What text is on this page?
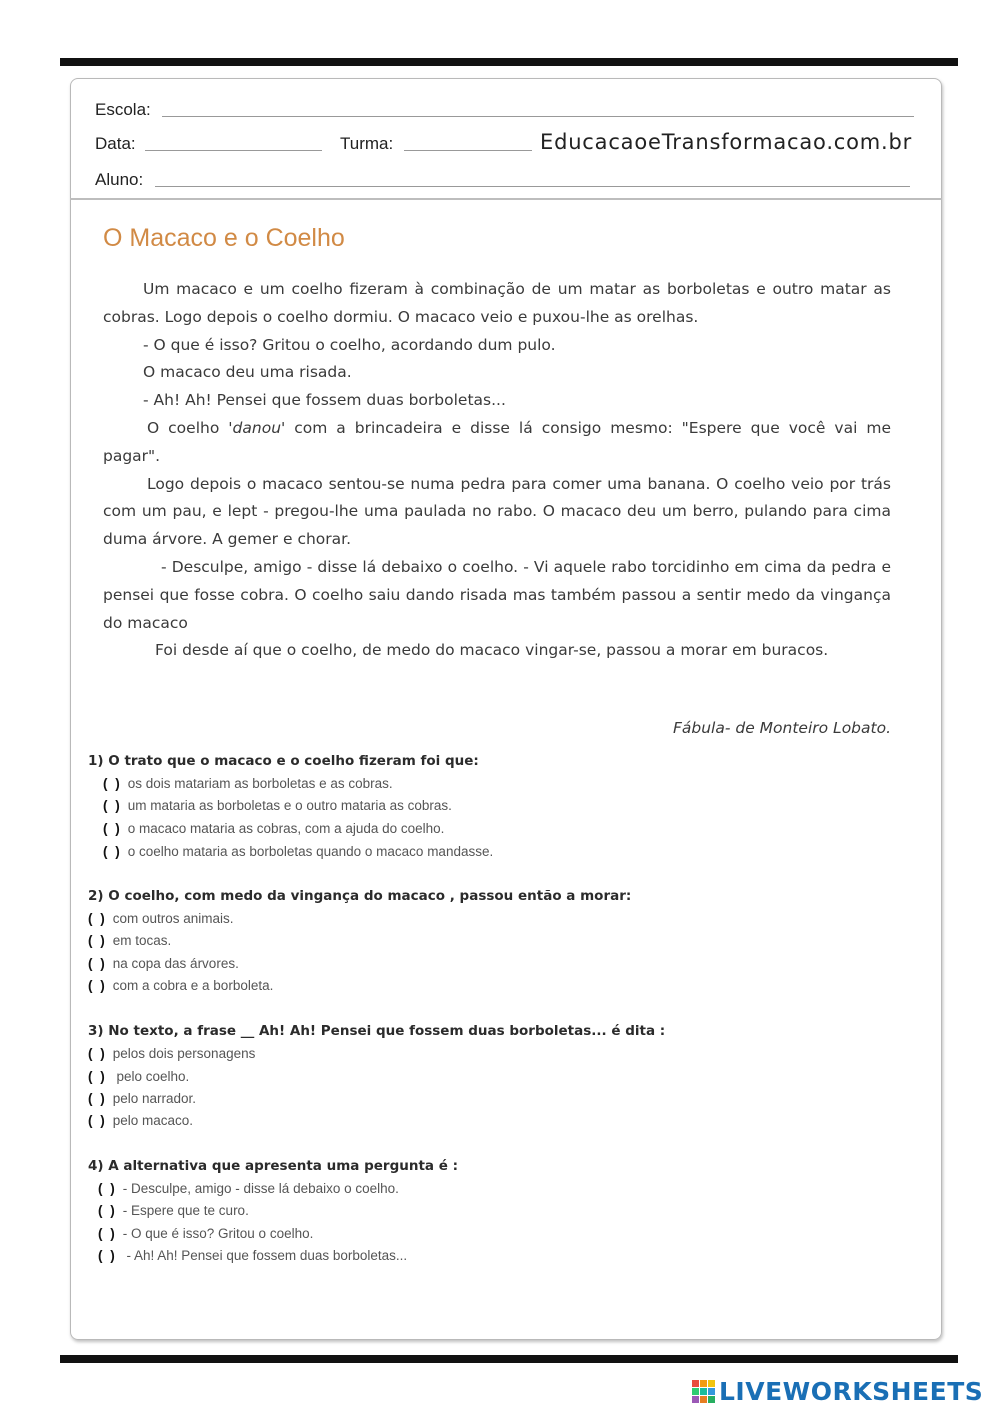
Escola:
Data:	Turma:	EducacaoeTransformacao.com.br
Aluno:
O Macaco e o Coelho

Um macaco e um coelho fizeram à combinação de um matar as borboletas e outro matar as cobras. Logo depois o coelho dormiu. O macaco veio e puxou-lhe as orelhas.

- O que é isso? Gritou o coelho, acordando dum pulo.

O macaco deu uma risada.

- Ah! Ah! Pensei que fossem duas borboletas...

O coelho 'danou' com a brincadeira e disse lá consigo mesmo: "Espere que você vai me pagar".

Logo depois o macaco sentou-se numa pedra para comer uma banana. O coelho veio por trás com um pau, e lept - pregou-lhe uma paulada no rabo. O macaco deu um berro, pulando para cima duma árvore. A gemer e chorar.

- Desculpe, amigo - disse lá debaixo o coelho. - Vi aquele rabo torcidinho em cima da pedra e pensei que fosse cobra. O coelho saiu dando risada mas também passou a sentir medo da vingança do macaco

Foi desde aí que o coelho, de medo do macaco vingar-se, passou a morar em buracos.

Fábula- de Monteiro Lobato.
1) O trato que o macaco e o coelho fizeram foi que:
( ) os dois matariam as borboletas e as cobras.
( ) um mataria as borboletas e o outro mataria as cobras.
( ) o macaco mataria as cobras, com a ajuda do coelho.
( ) o coelho mataria as borboletas quando o macaco mandasse.
2) O coelho, com medo da vingança do macaco , passou então a morar:
( ) com outros animais.
( ) em tocas.
( ) na copa das árvores.
( ) com a cobra e a borboleta.
3) No texto, a frase __ Ah! Ah! Pensei que fossem duas borboletas... é dita :
( ) pelos dois personagens
( ) pelo coelho.
( ) pelo narrador.
( ) pelo macaco.
4) A alternativa que apresenta uma pergunta é :
( ) - Desculpe, amigo - disse lá debaixo o coelho.
( ) - Espere que te curo.
( ) - O que é isso? Gritou o coelho.
( ) - Ah! Ah! Pensei que fossem duas borboletas...
LIVEWORKSHEETS
